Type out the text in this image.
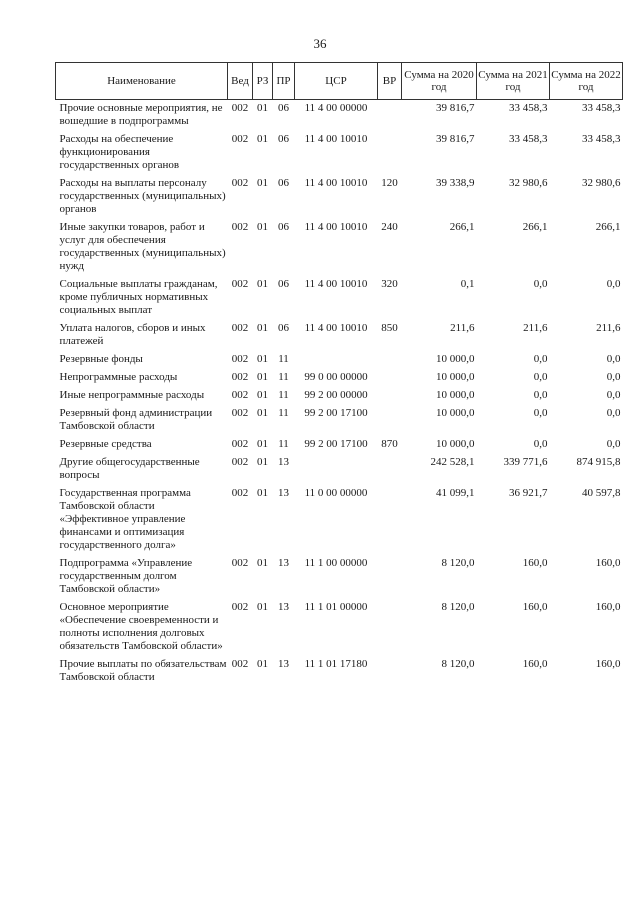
36
Наименование	Вед	РЗ	ПР	ЦСР	ВР	Сумма на 2020 год	Сумма на 2021 год	Сумма на 2022 год
Прочие основные мероприятия, не вошедшие в подпрограммы	002	01	06	11 4 00 00000		39 816,7	33 458,3	33 458,3
Расходы на обеспечение функционирования государственных органов	002	01	06	11 4 00 10010		39 816,7	33 458,3	33 458,3
Расходы на выплаты персоналу государственных (муниципальных) органов	002	01	06	11 4 00 10010	120	39 338,9	32 980,6	32 980,6
Иные закупки товаров, работ и услуг для обеспечения государственных (муниципальных) нужд	002	01	06	11 4 00 10010	240	266,1	266,1	266,1
Социальные выплаты гражданам, кроме публичных нормативных социальных выплат	002	01	06	11 4 00 10010	320	0,1	0,0	0,0
Уплата налогов, сборов и иных платежей	002	01	06	11 4 00 10010	850	211,6	211,6	211,6
Резервные фонды	002	01	11			10 000,0	0,0	0,0
Непрограммные расходы	002	01	11	99 0 00 00000		10 000,0	0,0	0,0
Иные непрограммные расходы	002	01	11	99 2 00 00000		10 000,0	0,0	0,0
Резервный фонд администрации Тамбовской области	002	01	11	99 2 00 17100		10 000,0	0,0	0,0
Резервные средства	002	01	11	99 2 00 17100	870	10 000,0	0,0	0,0
Другие общегосударственные вопросы	002	01	13			242 528,1	339 771,6	874 915,8
Государственная программа Тамбовской области «Эффективное управление финансами и оптимизация государственного долга»	002	01	13	11 0 00 00000		41 099,1	36 921,7	40 597,8
Подпрограмма «Управление государственным долгом Тамбовской области»	002	01	13	11 1 00 00000		8 120,0	160,0	160,0
Основное мероприятие «Обеспечение своевременности и полноты исполнения долговых обязательств Тамбовской области»	002	01	13	11 1 01 00000		8 120,0	160,0	160,0
Прочие выплаты по обязательствам Тамбовской области	002	01	13	11 1 01 17180		8 120,0	160,0	160,0
